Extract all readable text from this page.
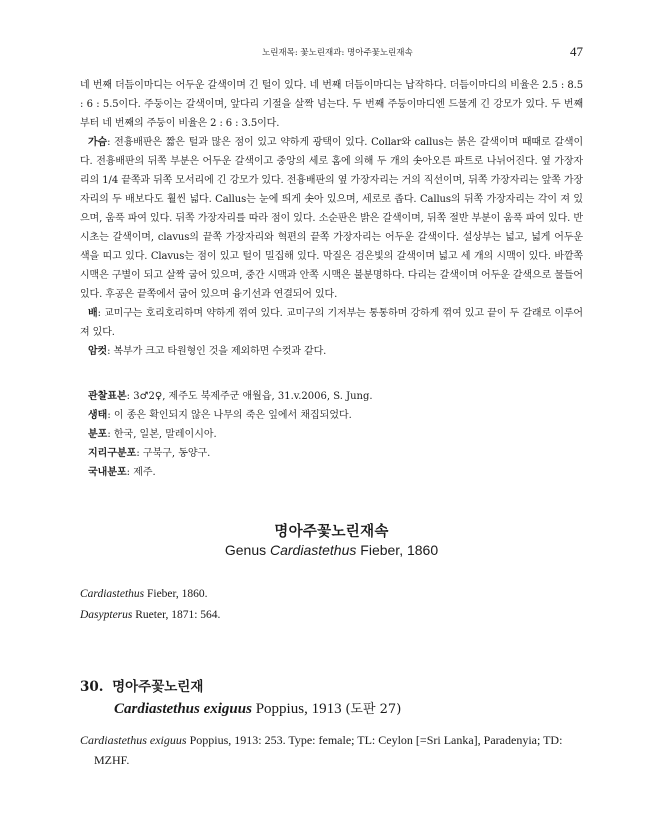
노린재목: 꽃노린재과: 명아주꽃노린재속	47

네 번째 더듬이마디는 어두운 갈색이며 긴 털이 있다. 네 번째 더듬이마디는 납작하다. 더듬이마디의 비율은 2.5 : 8.5 : 6 : 5.5이다. 주둥이는 갈색이며, 앞다리 기절을 살짝 넘는다. 두 번째 주둥이마디엔 드물게 긴 강모가 있다. 두 번째부터 네 번째의 주둥이 비율은 2 : 6 : 3.5이다.

가슴: 전흉배판은 짧은 털과 많은 점이 있고 약하게 광택이 있다. Collar와 callus는 붉은 갈색이며 때때로 갈색이다. 전흉배판의 뒤쪽 부분은 어두운 갈색이고 중앙의 세로 홈에 의해 두 개의 솟아오른 파트로 나뉘어진다. 옆 가장자리의 1/4 끝쪽과 뒤쪽 모서리에 긴 강모가 있다. 전흉배판의 옆 가장자리는 거의 직선이며, 뒤쪽 가장자리는 앞쪽 가장자리의 두 배보다도 훨씬 넓다. Callus는 눈에 띄게 솟아 있으며, 세로로 좁다. Callus의 뒤쪽 가장자리는 각이 져 있으며, 움푹 파여 있다. 뒤쪽 가장자리를 따라 점이 있다. 소순판은 밝은 갈색이며, 뒤쪽 절반 부분이 움푹 파여 있다. 반시초는 갈색이며, clavus의 끝쪽 가장자리와 혁편의 끝쪽 가장자리는 어두운 갈색이다. 설상부는 넓고, 넓게 어두운 색을 띠고 있다. Clavus는 점이 있고 털이 밀집해 있다. 막질은 검은빛의 갈색이며 넓고 세 개의 시맥이 있다. 바깥쪽 시맥은 구별이 되고 살짝 굽어 있으며, 중간 시맥과 안쪽 시맥은 불분명하다. 다리는 갈색이며 어두운 갈색으로 물들어 있다. 후공은 끝쪽에서 굽어 있으며 융기선과 연결되어 있다.

배: 교미구는 호리호리하며 약하게 꺾여 있다. 교미구의 기저부는 통통하며 강하게 꺾여 있고 끝이 두 갈래로 이루어져 있다.

암컷: 복부가 크고 타원형인 것을 제외하면 수컷과 같다.

관찰표본: 3♂2♀, 제주도 북제주군 애월읍, 31.v.2006, S. Jung.

생태: 이 종은 확인되지 않은 나무의 죽은 잎에서 채집되었다.

분포: 한국, 일본, 말레이시아.

지리구분포: 구북구, 동양구.

국내분포: 제주.

명아주꽃노린재속
Genus Cardiastethus Fieber, 1860

Cardiastethus Fieber, 1860.

Dasypterus Rueter, 1871: 564.

30. 명아주꽃노린재
Cardiastethus exiguus Poppius, 1913 (도판 27)

Cardiastethus exiguus Poppius, 1913: 253. Type: female; TL: Ceylon [=Sri Lanka], Paradenyia; TD:

MZHF.
